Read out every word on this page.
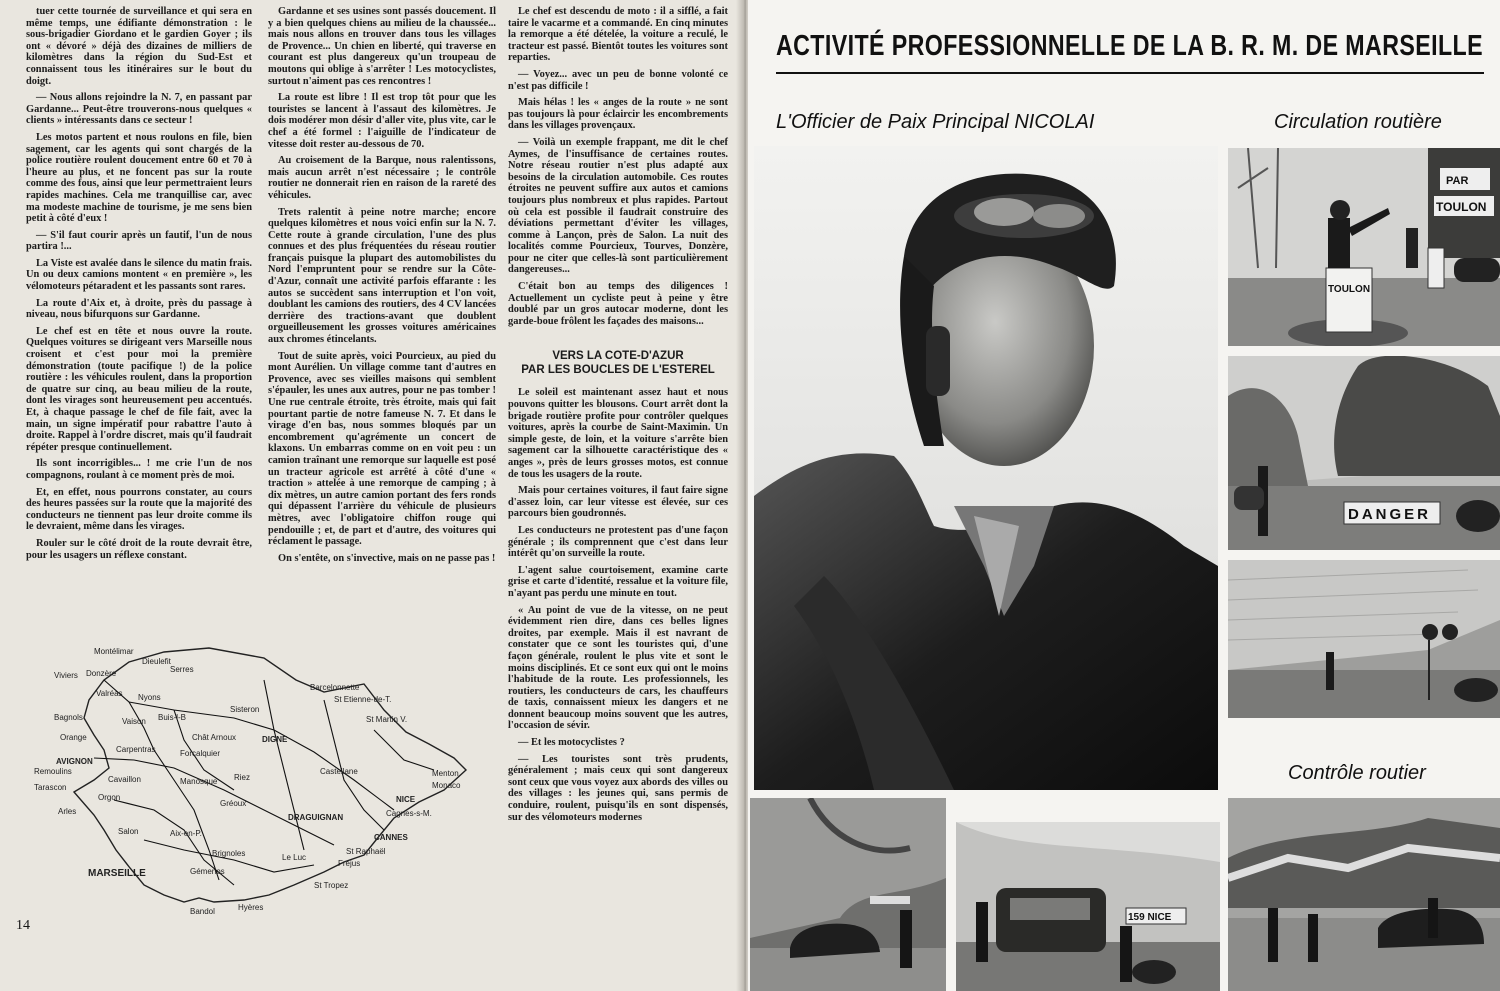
tuer cette tournée de surveillance et qui sera en même temps, une édifiante démonstration : le sous-brigadier Giordano et le gardien Goyer ; ils ont « dévoré » déjà des dizaines de milliers de kilomètres dans la région du Sud-Est et connaissent tous les itinéraires sur le bout du doigt.

— Nous allons rejoindre la N. 7, en passant par Gardanne... Peut-être trouverons-nous quelques « clients » intéressants dans ce secteur !

Les motos partent et nous roulons en file, bien sagement, car les agents qui sont chargés de la police routière roulent doucement entre 60 et 70 à l'heure au plus, et ne foncent pas sur la route comme des fous, ainsi que leur permettraient leurs rapides machines. Cela me tranquillise car, avec ma modeste machine de tourisme, je me sens bien petit à côté d'eux !

— S'il faut courir après un fautif, l'un de nous partira !...

La Viste est avalée dans le silence du matin frais. Un ou deux camions montent « en première », les vélomoteurs pétaradent et les passants sont rares.

La route d'Aix et, à droite, près du passage à niveau, nous bifurquons sur Gardanne.

Le chef est en tête et nous ouvre la route. Quelques voitures se dirigeant vers Marseille nous croisent et c'est pour moi la première démonstration (toute pacifique !) de la police routière : les véhicules roulent, dans la proportion de quatre sur cinq, au beau milieu de la route, dont les virages sont heureusement peu accentués. Et, à chaque passage le chef de file fait, avec la main, un signe impératif pour rabattre l'auto à droite. Rappel à l'ordre discret, mais qu'il faudrait répéter presque continuellement.

Ils sont incorrigibles... ! me crie l'un de nos compagnons, roulant à ce moment près de moi.

Et, en effet, nous pourrons constater, au cours des heures passées sur la route que la majorité des conducteurs ne tiennent pas leur droite comme ils le devraient, même dans les virages.

Rouler sur le côté droit de la route devrait être, pour les usagers un réflexe constant.

Gardanne et ses usines sont passés doucement. Il y a bien quelques chiens au milieu de la chaussée... mais nous allons en trouver dans tous les villages de Provence... Un chien en liberté, qui traverse en courant est plus dangereux qu'un troupeau de moutons qui oblige à s'arrêter ! Les motocyclistes, surtout n'aiment pas ces rencontres !

La route est libre ! Il est trop tôt pour que les touristes se lancent à l'assaut des kilomètres. Je dois modérer mon désir d'aller vite, plus vite, car le chef a été formel : l'aiguille de l'indicateur de vitesse doit rester au-dessous de 70.

Au croisement de la Barque, nous ralentissons, mais aucun arrêt n'est nécessaire ; le contrôle routier ne donnerait rien en raison de la rareté des véhicules.

Trets ralentit à peine notre marche; encore quelques kilomètres et nous voici enfin sur la N. 7. Cette route à grande circulation, l'une des plus connues et des plus fréquentées du réseau routier français puisque la plupart des automobilistes du Nord l'empruntent pour se rendre sur la Côte-d'Azur, connaît une activité parfois effarante : les autos se succèdent sans interruption et l'on voit, doublant les camions des routiers, des 4 CV lancées derrière des tractions-avant que doublent orgueilleusement les grosses voitures américaines aux chromes étincelants.

Tout de suite après, voici Pourcieux, au pied du mont Aurélien. Un village comme tant d'autres en Provence, avec ses vieilles maisons qui semblent s'épauler, les unes aux autres, pour ne pas tomber ! Une rue centrale étroite, très étroite, mais qui fait pourtant partie de notre fameuse N. 7. Et dans le virage d'en bas, nous sommes bloqués par un encombrement qu'agrémente un concert de klaxons. Un embarras comme on en voit peu : un camion traînant une remorque sur laquelle est posé un tracteur agricole est arrêté à côté d'une « traction » attelée à une remorque de camping ; à dix mètres, un autre camion portant des fers ronds qui dépassent l'arrière du véhicule de plusieurs mètres, avec l'obligatoire chiffon rouge qui pendouille ; et, de part et d'autre, des voitures qui réclament le passage.

On s'entête, on s'invective, mais on ne passe pas !

Le chef est descendu de moto : il a sifflé, a fait taire le vacarme et a commandé. En cinq minutes la remorque a été dételée, la voiture a reculé, le tracteur est passé. Bientôt toutes les voitures sont reparties.

— Voyez... avec un peu de bonne volonté ce n'est pas difficile !

Mais hélas ! les « anges de la route » ne sont pas toujours là pour éclaircir les encombrements dans les villages provençaux.

— Voilà un exemple frappant, me dit le chef Aymes, de l'insuffisance de certaines routes. Notre réseau routier n'est plus adapté aux besoins de la circulation automobile. Ces routes étroites ne peuvent suffire aux autos et camions toujours plus nombreux et plus rapides. Partout où cela est possible il faudrait construire des déviations permettant d'éviter les villages, comme à Lançon, près de Salon. La nuit des localités comme Pourcieux, Tourves, Donzère, pour ne citer que celles-là sont particulièrement dangereuses...

C'était bon au temps des diligences ! Actuellement un cycliste peut à peine y être doublé par un gros autocar moderne, dont les garde-boue frôlent les façades des maisons...

VERS LA COTE-D'AZUR
PAR LES BOUCLES DE L'ESTEREL

Le soleil est maintenant assez haut et nous pouvons quitter les blousons. Court arrêt dont la brigade routière profite pour contrôler quelques voitures, après la courbe de Saint-Maximin. Un simple geste, de loin, et la voiture s'arrête bien sagement car la silhouette caractéristique des « anges », près de leurs grosses motos, est connue de tous les usagers de la route.

Mais pour certaines voitures, il faut faire signe d'assez loin, car leur vitesse est élevée, sur ces parcours bien goudronnés.

Les conducteurs ne protestent pas d'une façon générale ; ils comprennent que c'est dans leur intérêt qu'on surveille la route.

L'agent salue courtoisement, examine carte grise et carte d'identité, ressalue et la voiture file, n'ayant pas perdu une minute en tout.

« Au point de vue de la vitesse, on ne peut évidemment rien dire, dans ces belles lignes droites, par exemple. Mais il est navrant de constater que ce sont les touristes qui, d'une façon générale, roulent le plus vite et sont le moins disciplinés. Et ce sont eux qui ont le moins l'habitude de la route. Les professionnels, les routiers, les conducteurs de cars, les chauffeurs de taxis, connaissent mieux les dangers et ne donnent beaucoup moins souvent que les autres, l'occasion de sévir.

— Et les motocyclistes ?

— Les touristes sont très prudents, généralement ; mais ceux qui sont dangereux sont ceux que vous voyez aux abords des villes ou des villages : les jeunes qui, sans permis de conduire, roulent, puisqu'ils en sont dispensés, sur des vélomoteurs modernes

Montélimar
Dieulefit
Donzère
Viviers
Serres
Valréas Nyons
Bagnols
Orange
Vaison Buis-l-B
Sisteron
Barcelonnette
St Etienne-de-T.
St Martin V.
AVIGNON
Carpentras
Chât Arnoux	DIGNE
Forcalquier
Remoulins
Cavaillon	Manosque Riez
Castellane
Tarascon
Orgon
Arles
Gréoux
DRAGUIGNAN
NICE
Menton
Monaco
Cagnes-s-M.
Salon	Aix-en-P.	CANNES
St Raphaël
Fréjus
Brignoles
Gémenos
Le Luc
St Tropez
MARSEILLE
Bandol	Hyères
14
ACTIVITÉ PROFESSIONNELLE DE LA B. R. M. DE MARSEILLE
L'Officier de Paix Principal NICOLAI	Circulation routière
Contrôle routier
PAR
TOULON
TOULON
DANGER
159 NICE
